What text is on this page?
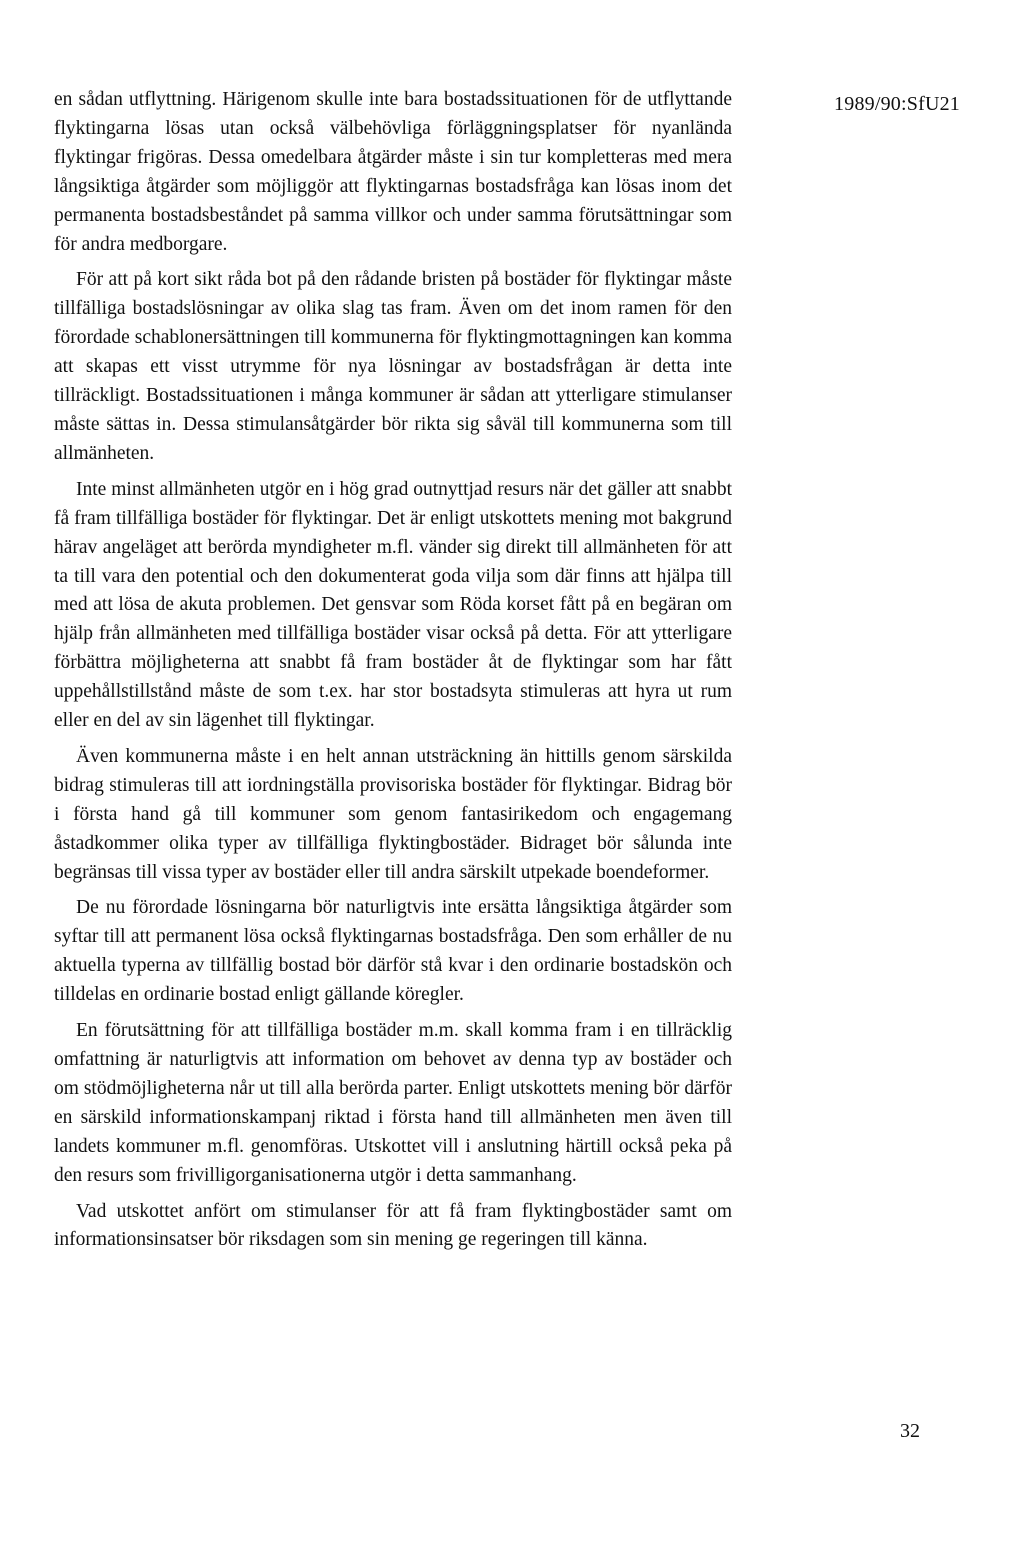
1989/90:SfU21

en sådan utflyttning. Härigenom skulle inte bara bostadssituationen för de utflyttande flyktingarna lösas utan också välbehövliga förläggningsplatser för nyanlända flyktingar frigöras. Dessa omedelbara åtgärder måste i sin tur kompletteras med mera långsiktiga åtgärder som möjliggör att flyktingarnas bostadsfråga kan lösas inom det permanenta bostadsbeståndet på samma villkor och under samma förutsättningar som för andra medborgare.

För att på kort sikt råda bot på den rådande bristen på bostäder för flyktingar måste tillfälliga bostadslösningar av olika slag tas fram. Även om det inom ramen för den förordade schablonersättningen till kommunerna för flyktingmottagningen kan komma att skapas ett visst utrymme för nya lösningar av bostadsfrågan är detta inte tillräckligt. Bostadssituationen i många kommuner är sådan att ytterligare stimulanser måste sättas in. Dessa stimulansåtgärder bör rikta sig såväl till kommunerna som till allmänheten.

Inte minst allmänheten utgör en i hög grad outnyttjad resurs när det gäller att snabbt få fram tillfälliga bostäder för flyktingar. Det är enligt utskottets mening mot bakgrund härav angeläget att berörda myndigheter m.fl. vänder sig direkt till allmänheten för att ta till vara den potential och den dokumenterat goda vilja som där finns att hjälpa till med att lösa de akuta problemen. Det gensvar som Röda korset fått på en begäran om hjälp från allmänheten med tillfälliga bostäder visar också på detta. För att ytterligare förbättra möjligheterna att snabbt få fram bostäder åt de flyktingar som har fått uppehållstillstånd måste de som t.ex. har stor bostadsyta stimuleras att hyra ut rum eller en del av sin lägenhet till flyktingar.

Även kommunerna måste i en helt annan utsträckning än hittills genom särskilda bidrag stimuleras till att iordningställa provisoriska bostäder för flyktingar. Bidrag bör i första hand gå till kommuner som genom fantasirikedom och engagemang åstadkommer olika typer av tillfälliga flyktingbostäder. Bidraget bör sålunda inte begränsas till vissa typer av bostäder eller till andra särskilt utpekade boendeformer.

De nu förordade lösningarna bör naturligtvis inte ersätta långsiktiga åtgärder som syftar till att permanent lösa också flyktingarnas bostadsfråga. Den som erhåller de nu aktuella typerna av tillfällig bostad bör därför stå kvar i den ordinarie bostadskön och tilldelas en ordinarie bostad enligt gällande köregler.

En förutsättning för att tillfälliga bostäder m.m. skall komma fram i en tillräcklig omfattning är naturligtvis att information om behovet av denna typ av bostäder och om stödmöjligheterna når ut till alla berörda parter. Enligt utskottets mening bör därför en särskild informationskampanj riktad i första hand till allmänheten men även till landets kommuner m.fl. genomföras. Utskottet vill i anslutning härtill också peka på den resurs som frivilligorganisationerna utgör i detta sammanhang.

Vad utskottet anfört om stimulanser för att få fram flyktingbostäder samt om informationsinsatser bör riksdagen som sin mening ge regeringen till känna.

32
